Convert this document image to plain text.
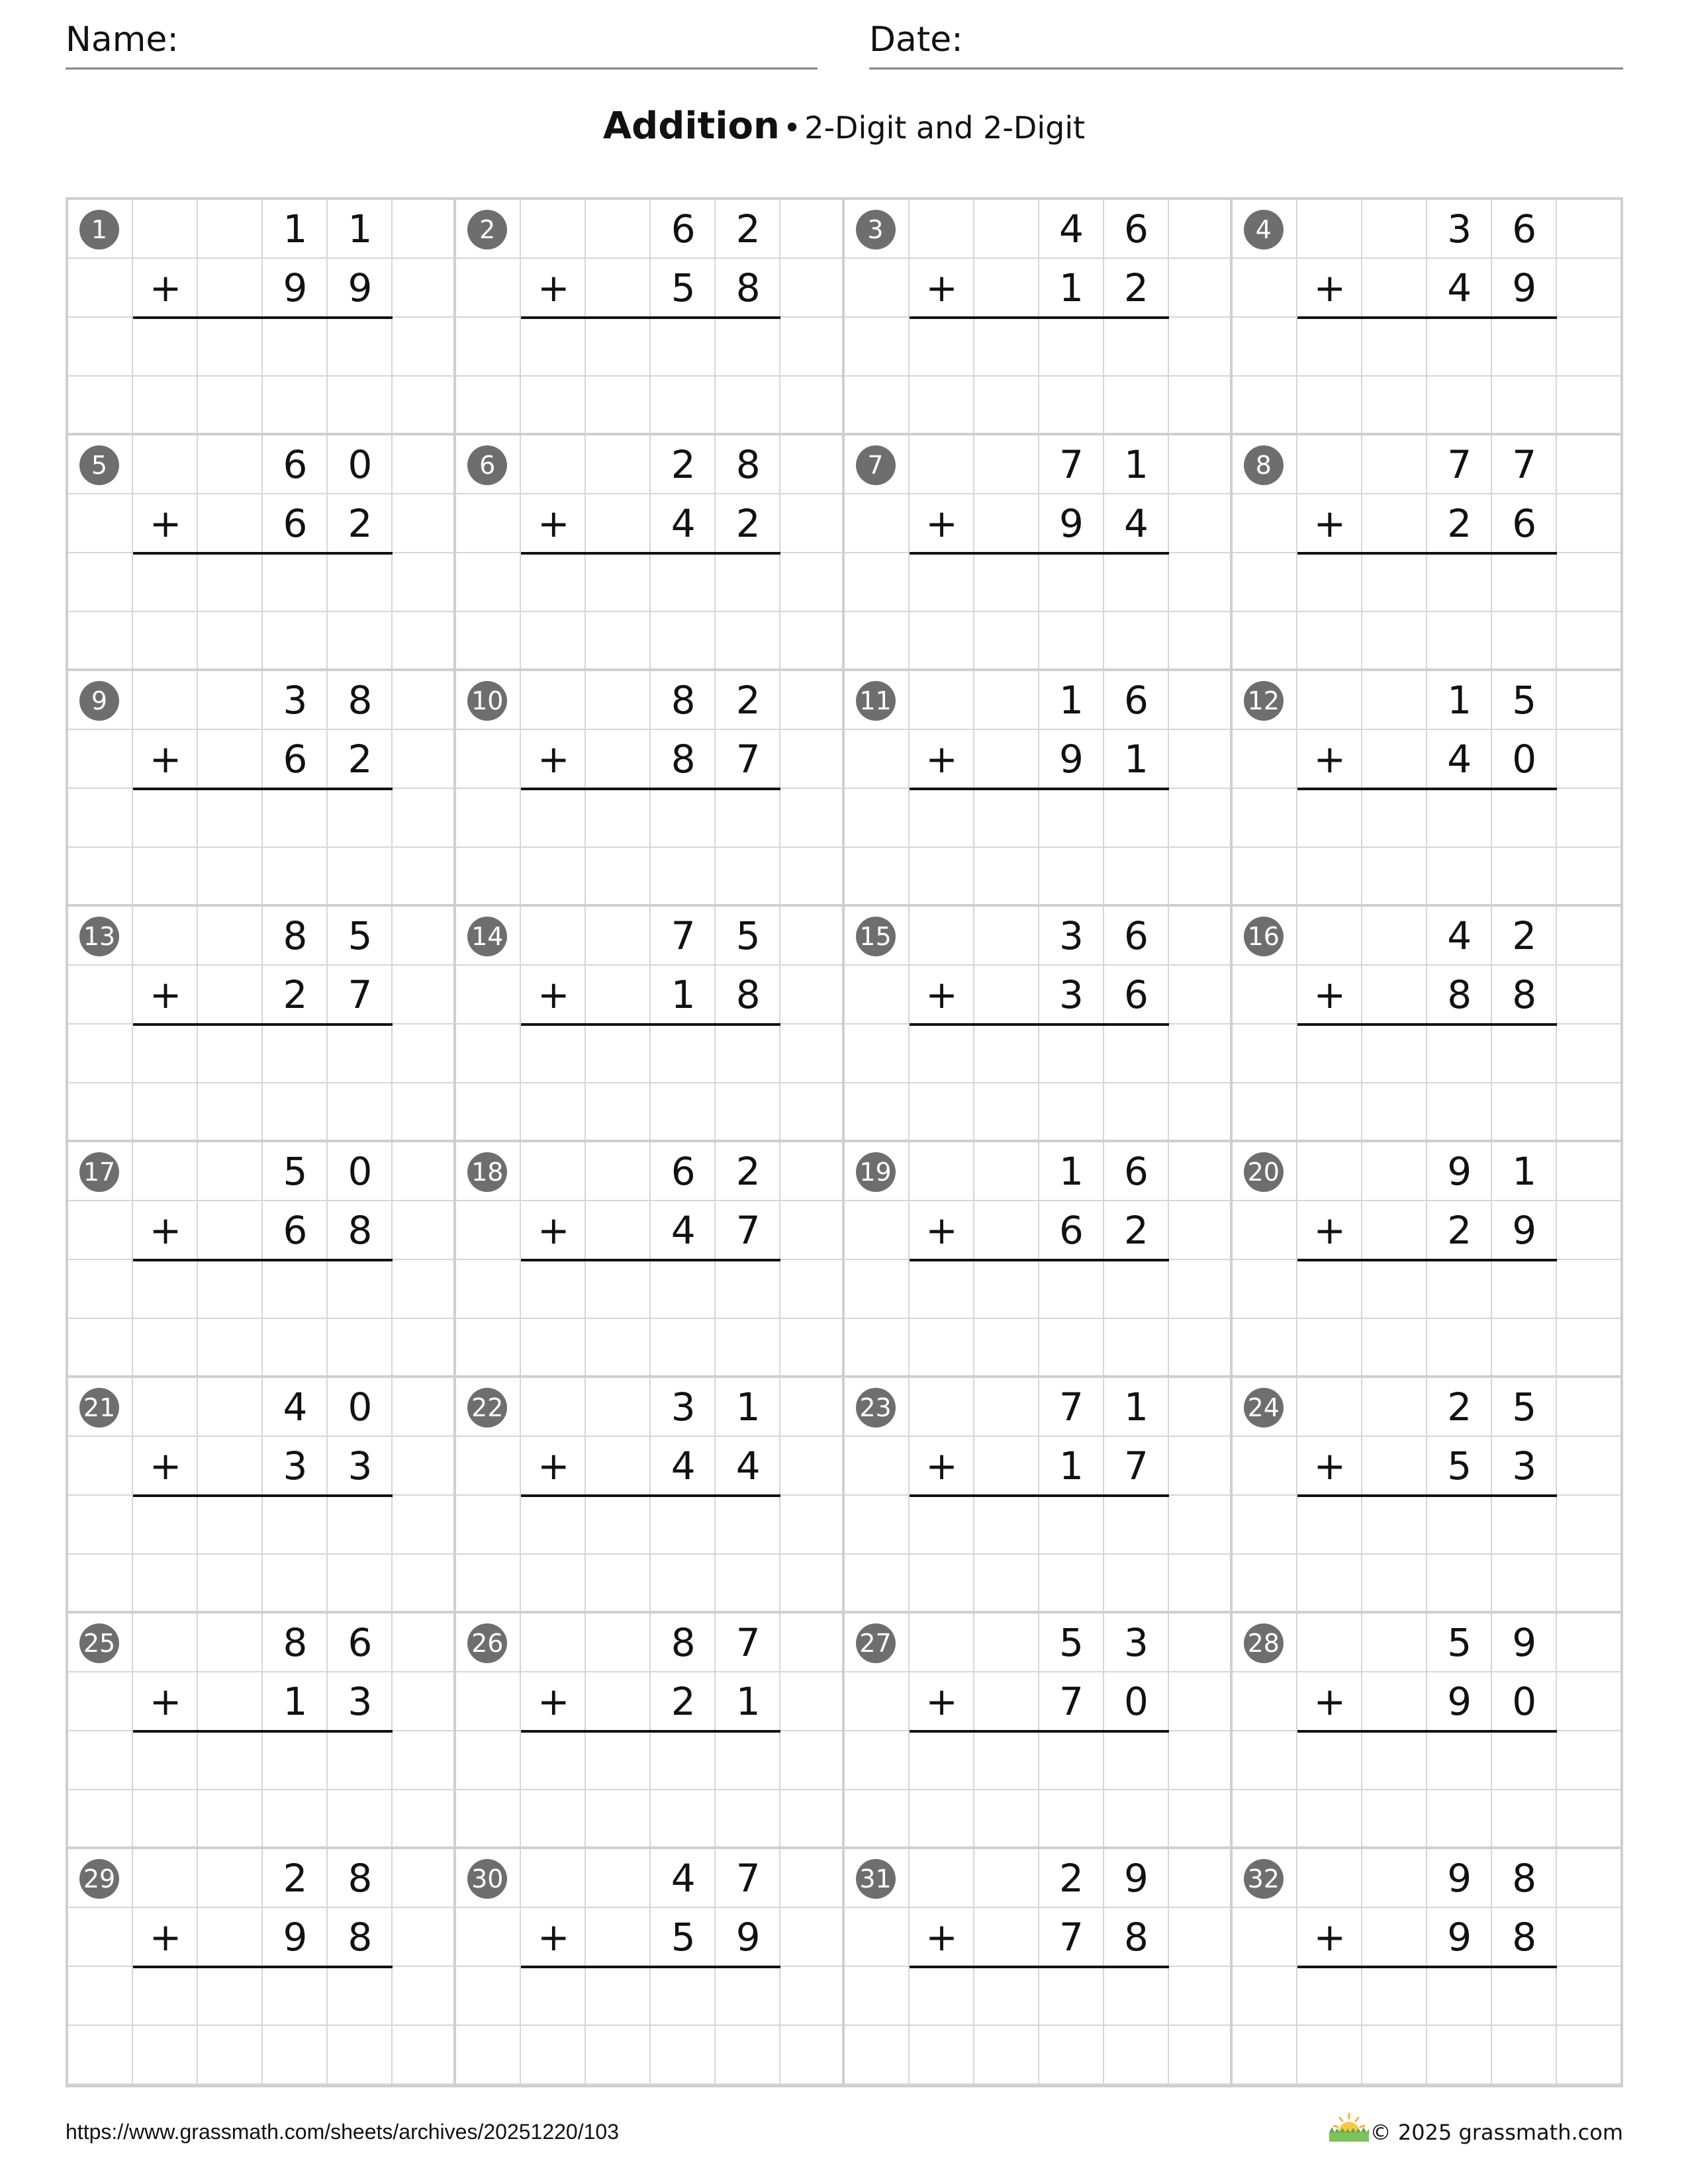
Name:	Date:
Addition • 2-Digit and 2-Digit
1	1	1
+	9	9
2	6	2
+	5	8
3	4	6
+	1	2
4	3	6
+	4	9
5	6	0
+	6	2
6	2	8
+	4	2
7	7	1
+	9	4
8	7	7
+	2	6
9	3	8
+	6	2
10	8	2
+	8	7
11	1	6
+	9	1
12	1	5
+	4	0
13	8	5
+	2	7
14	7	5
+	1	8
15	3	6
+	3	6
16	4	2
+	8	8
17	5	0
+	6	8
18	6	2
+	4	7
19	1	6
+	6	2
20	9	1
+	2	9
21	4	0
+	3	3
22	3	1
+	4	4
23	7	1
+	1	7
24	2	5
+	5	3
25	8	6
+	1	3
26	8	7
+	2	1
27	5	3
+	7	0
28	5	9
+	9	0
29	2	8
+	9	8
30	4	7
+	5	9
31	2	9
+	7	8
32	9	8
+	9	8
https://www.grassmath.com/sheets/archives/20251220/103	© 2025 grassmath.com
